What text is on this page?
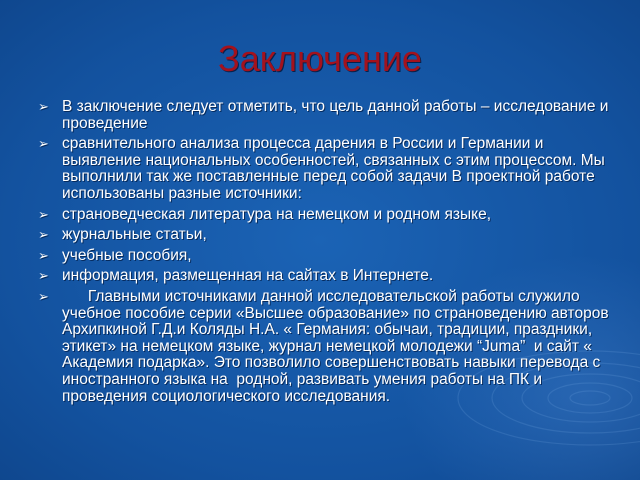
Заключение
➢ В заключение следует отметить, что цель данной работы – исследование и проведение
➢ сравнительного анализа процесса дарения в России и Германии и выявление национальных особенностей, связанных с этим процессом. Мы выполнили так же поставленные перед собой задачи В проектной работе использованы разные источники:
➢ страноведческая литература на немецком и родном языке,
➢ журнальные статьи,
➢ учебные пособия,
➢ информация, размещенная на сайтах в Интернете.
➢ Главными источниками данной исследовательской работы служило учебное пособие серии «Высшее образование» по страноведению авторов Архипкиной Г.Д.и Коляды Н.А. « Германия: обычаи, традиции, праздники, этикет» на немецком языке, журнал немецкой молодежи “Juma”  и сайт « Академия подарка». Это позволило совершенствовать навыки перевода с иностранного языка на  родной, развивать умения работы на ПК и проведения социологического исследования.
